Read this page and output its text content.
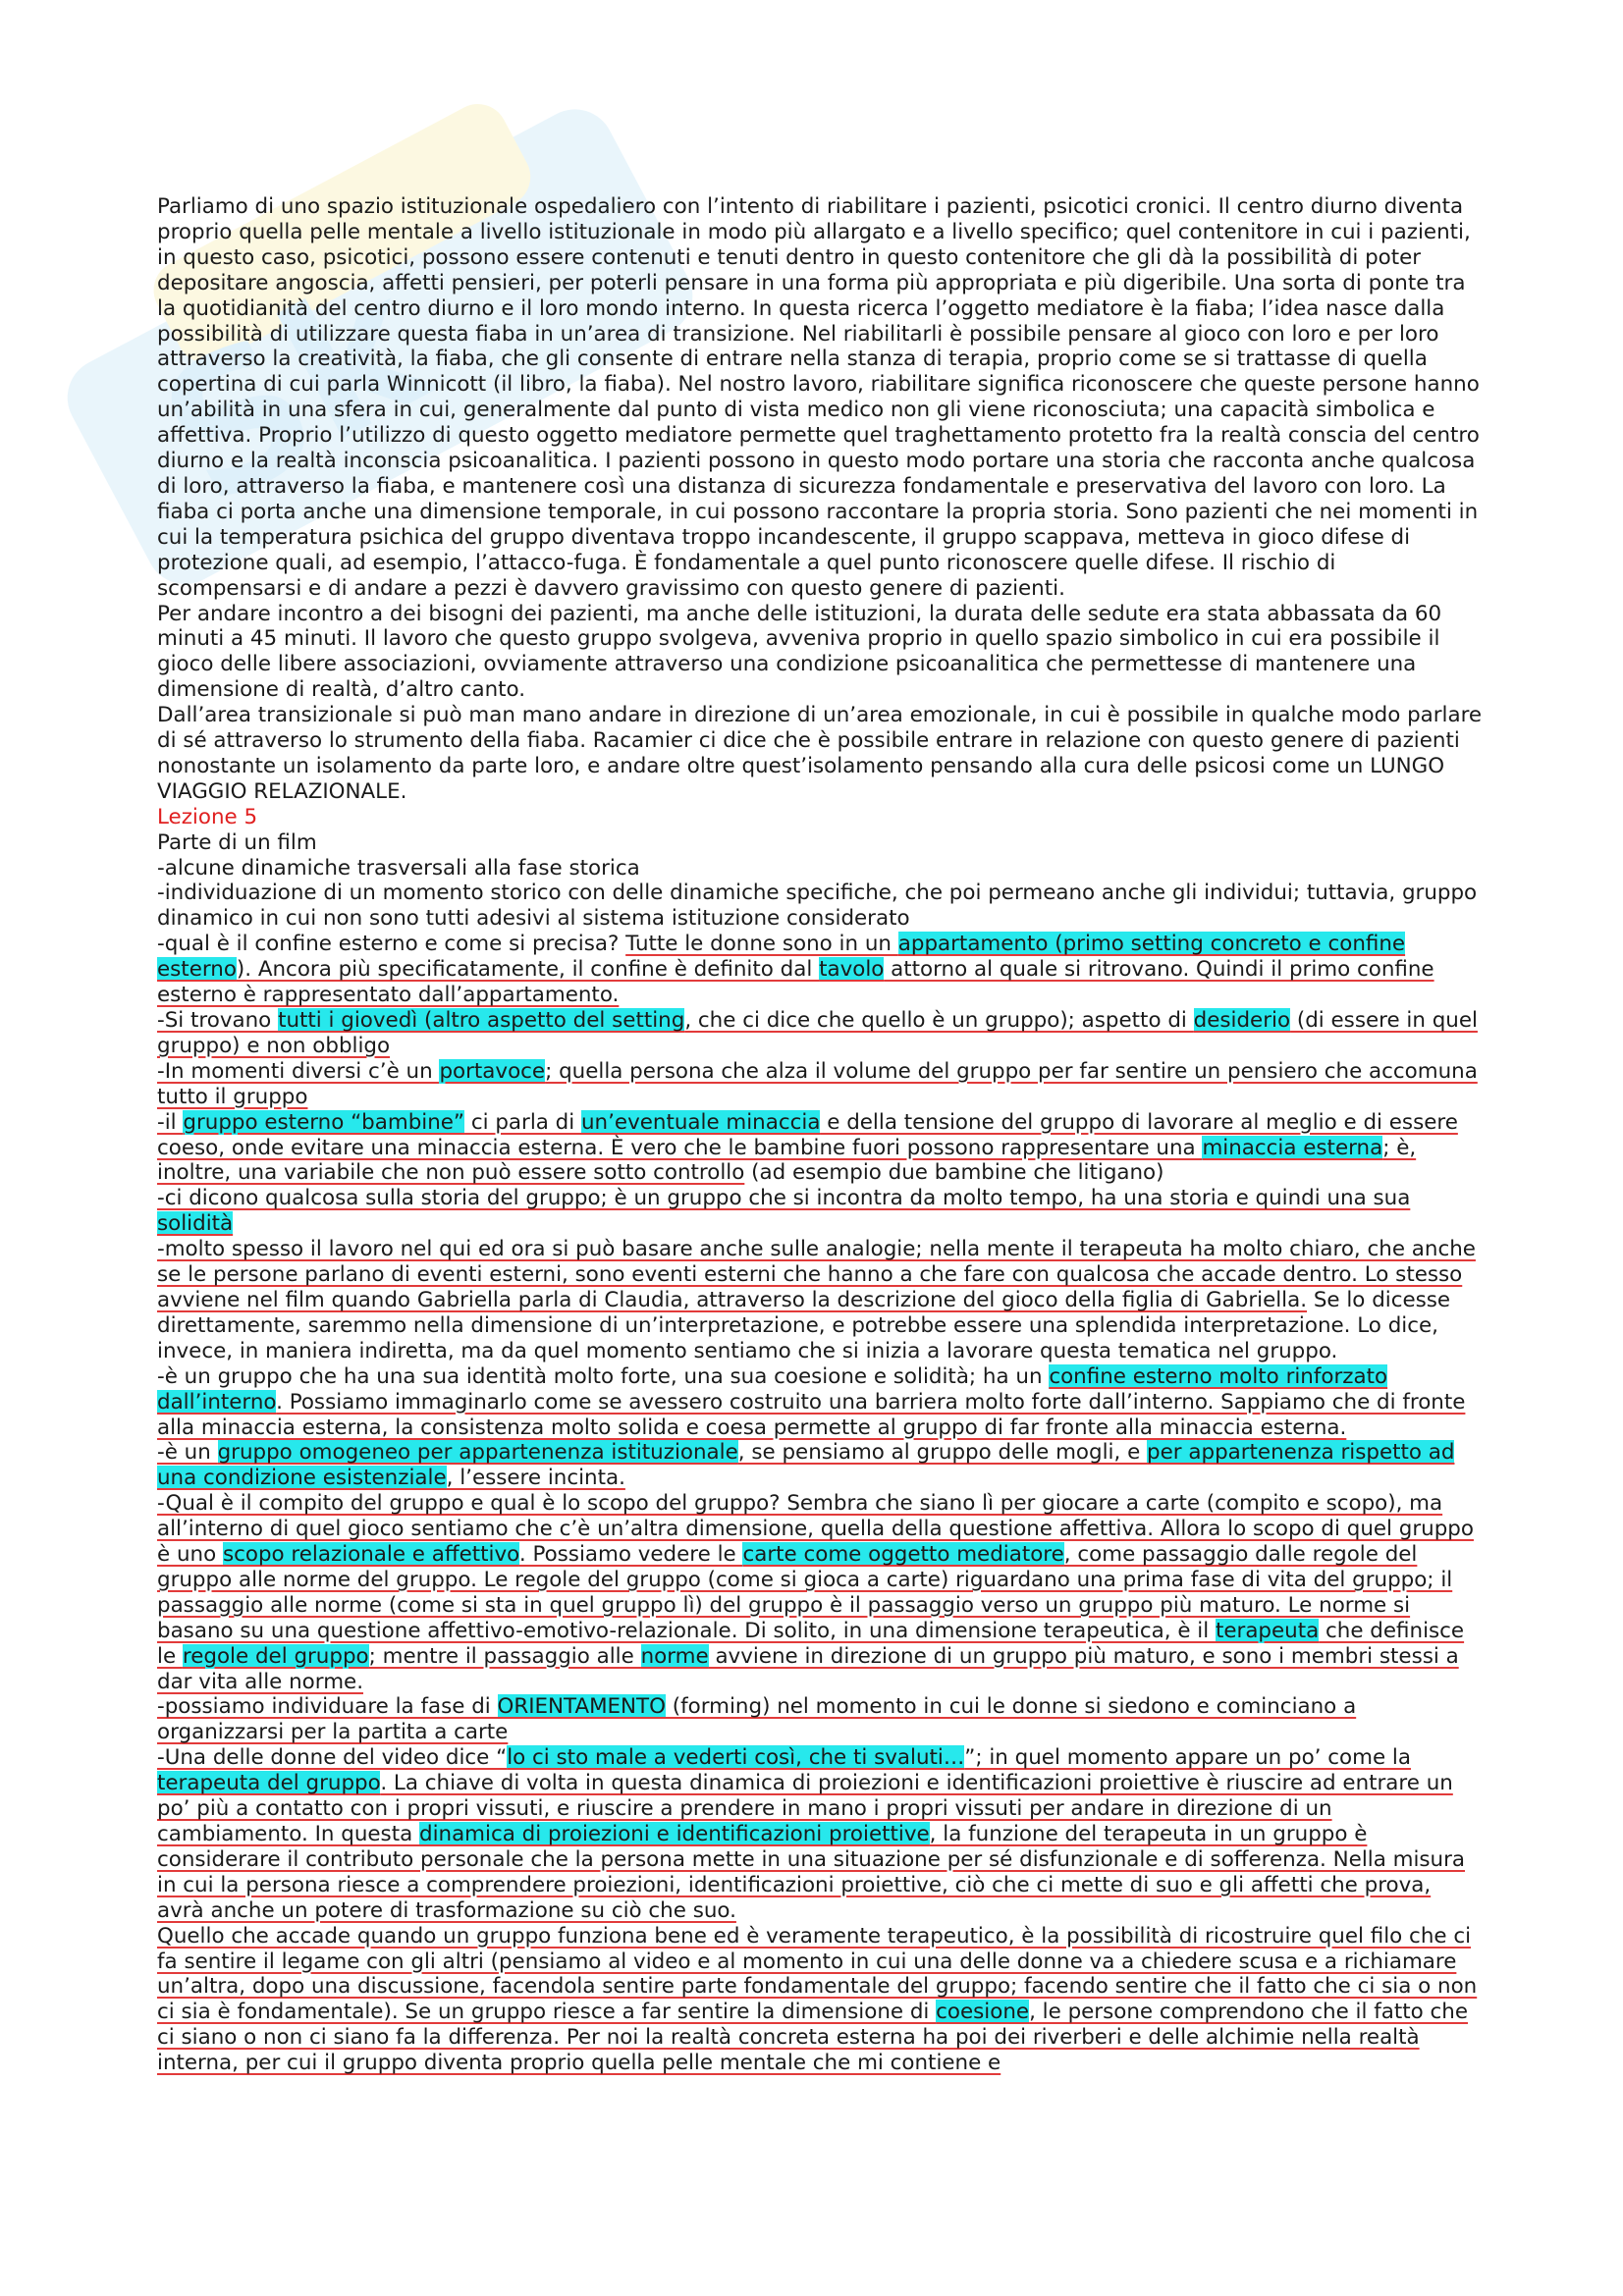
Sk

Parliamo di uno spazio istituzionale ospedaliero con l’intento di riabilitare i pazienti, psicotici cronici. Il centro diurno diventa proprio quella pelle mentale a livello istituzionale in modo più allargato e a livello specifico; quel contenitore in cui i pazienti, in questo caso, psicotici, possono essere contenuti e tenuti dentro in questo contenitore che gli dà la possibilità di poter depositare angoscia, affetti pensieri, per poterli pensare in una forma più appropriata e più digeribile. Una sorta di ponte tra la quotidianità del centro diurno e il loro mondo interno. In questa ricerca l’oggetto mediatore è la fiaba; l’idea nasce dalla possibilità di utilizzare questa fiaba in un’area di transizione. Nel riabilitarli è possibile pensare al gioco con loro e per loro attraverso la creatività, la fiaba, che gli consente di entrare nella stanza di terapia, proprio come se si trattasse di quella copertina di cui parla Winnicott (il libro, la fiaba). Nel nostro lavoro, riabilitare significa riconoscere che queste persone hanno un’abilità in una sfera in cui, generalmente dal punto di vista medico non gli viene riconosciuta; una capacità simbolica e affettiva. Proprio l’utilizzo di questo oggetto mediatore permette quel traghettamento protetto fra la realtà conscia del centro diurno e la realtà inconscia psicoanalitica. I pazienti possono in questo modo portare una storia che racconta anche qualcosa di loro, attraverso la fiaba, e mantenere così una distanza di sicurezza fondamentale e preservativa del lavoro con loro. La fiaba ci porta anche una dimensione temporale, in cui possono raccontare la propria storia. Sono pazienti che nei momenti in cui la temperatura psichica del gruppo diventava troppo incandescente, il gruppo scappava, metteva in gioco difese di protezione quali, ad esempio, l’attacco-fuga. È fondamentale a quel punto riconoscere quelle difese. Il rischio di scompensarsi e di andare a pezzi è davvero gravissimo con questo genere di pazienti.

Per andare incontro a dei bisogni dei pazienti, ma anche delle istituzioni, la durata delle sedute era stata abbassata da 60 minuti a 45 minuti. Il lavoro che questo gruppo svolgeva, avveniva proprio in quello spazio simbolico in cui era possibile il gioco delle libere associazioni, ovviamente attraverso una condizione psicoanalitica che permettesse di mantenere una dimensione di realtà, d’altro canto.

Dall’area transizionale si può man mano andare in direzione di un’area emozionale, in cui è possibile in qualche modo parlare di sé attraverso lo strumento della fiaba. Racamier ci dice che è possibile entrare in relazione con questo genere di pazienti nonostante un isolamento da parte loro, e andare oltre quest’isolamento pensando alla cura delle psicosi come un LUNGO VIAGGIO RELAZIONALE.

Lezione 5

Parte di un film

-alcune dinamiche trasversali alla fase storica

-individuazione di un momento storico con delle dinamiche specifiche, che poi permeano anche gli individui; tuttavia, gruppo dinamico in cui non sono tutti adesivi al sistema istituzione considerato

-qual è il confine esterno e come si precisa? Tutte le donne sono in un appartamento (primo setting concreto e confine esterno). Ancora più specificatamente, il confine è definito dal tavolo attorno al quale si ritrovano. Quindi il primo confine esterno è rappresentato dall’appartamento.

-Si trovano tutti i giovedì (altro aspetto del setting, che ci dice che quello è un gruppo); aspetto di desiderio (di essere in quel gruppo) e non obbligo

-In momenti diversi c’è un portavoce; quella persona che alza il volume del gruppo per far sentire un pensiero che accomuna tutto il gruppo

-il gruppo esterno “bambine” ci parla di un’eventuale minaccia e della tensione del gruppo di lavorare al meglio e di essere coeso, onde evitare una minaccia esterna. È vero che le bambine fuori possono rappresentare una minaccia esterna; è, inoltre, una variabile che non può essere sotto controllo (ad esempio due bambine che litigano)

-ci dicono qualcosa sulla storia del gruppo; è un gruppo che si incontra da molto tempo, ha una storia e quindi una sua solidità

-molto spesso il lavoro nel qui ed ora si può basare anche sulle analogie; nella mente il terapeuta ha molto chiaro, che anche se le persone parlano di eventi esterni, sono eventi esterni che hanno a che fare con qualcosa che accade dentro. Lo stesso avviene nel film quando Gabriella parla di Claudia, attraverso la descrizione del gioco della figlia di Gabriella. Se lo dicesse direttamente, saremmo nella dimensione di un’interpretazione, e potrebbe essere una splendida interpretazione. Lo dice, invece, in maniera indiretta, ma da quel momento sentiamo che si inizia a lavorare questa tematica nel gruppo.

-è un gruppo che ha una sua identità molto forte, una sua coesione e solidità; ha un confine esterno molto rinforzato dall’interno. Possiamo immaginarlo come se avessero costruito una barriera molto forte dall’interno. Sappiamo che di fronte alla minaccia esterna, la consistenza molto solida e coesa permette al gruppo di far fronte alla minaccia esterna.

-è un gruppo omogeneo per appartenenza istituzionale, se pensiamo al gruppo delle mogli, e per appartenenza rispetto ad una condizione esistenziale, l’essere incinta.

-Qual è il compito del gruppo e qual è lo scopo del gruppo? Sembra che siano lì per giocare a carte (compito e scopo), ma all’interno di quel gioco sentiamo che c’è un’altra dimensione, quella della questione affettiva. Allora lo scopo di quel gruppo è uno scopo relazionale e affettivo. Possiamo vedere le carte come oggetto mediatore, come passaggio dalle regole del gruppo alle norme del gruppo. Le regole del gruppo (come si gioca a carte) riguardano una prima fase di vita del gruppo; il passaggio alle norme (come si sta in quel gruppo lì) del gruppo è il passaggio verso un gruppo più maturo. Le norme si basano su una questione affettivo-emotivo-relazionale. Di solito, in una dimensione terapeutica, è il terapeuta che definisce le regole del gruppo; mentre il passaggio alle norme avviene in direzione di un gruppo più maturo, e sono i membri stessi a dar vita alle norme.

-possiamo individuare la fase di ORIENTAMENTO (forming) nel momento in cui le donne si siedono e cominciano a organizzarsi per la partita a carte

-Una delle donne del video dice “lo ci sto male a vederti così, che ti svaluti…”; in quel momento appare un po’ come la terapeuta del gruppo. La chiave di volta in questa dinamica di proiezioni e identificazioni proiettive è riuscire ad entrare un po’ più a contatto con i propri vissuti, e riuscire a prendere in mano i propri vissuti per andare in direzione di un cambiamento. In questa dinamica di proiezioni e identificazioni proiettive, la funzione del terapeuta in un gruppo è considerare il contributo personale che la persona mette in una situazione per sé disfunzionale e di sofferenza. Nella misura in cui la persona riesce a comprendere proiezioni, identificazioni proiettive, ciò che ci mette di suo e gli affetti che prova, avrà anche un potere di trasformazione su ciò che suo.

Quello che accade quando un gruppo funziona bene ed è veramente terapeutico, è la possibilità di ricostruire quel filo che ci fa sentire il legame con gli altri (pensiamo al video e al momento in cui una delle donne va a chiedere scusa e a richiamare un’altra, dopo una discussione, facendola sentire parte fondamentale del gruppo; facendo sentire che il fatto che ci sia o non ci sia è fondamentale). Se un gruppo riesce a far sentire la dimensione di coesione, le persone comprendono che il fatto che ci siano o non ci siano fa la differenza. Per noi la realtà concreta esterna ha poi dei riverberi e delle alchimie nella realtà interna, per cui il gruppo diventa proprio quella pelle mentale che mi contiene e
